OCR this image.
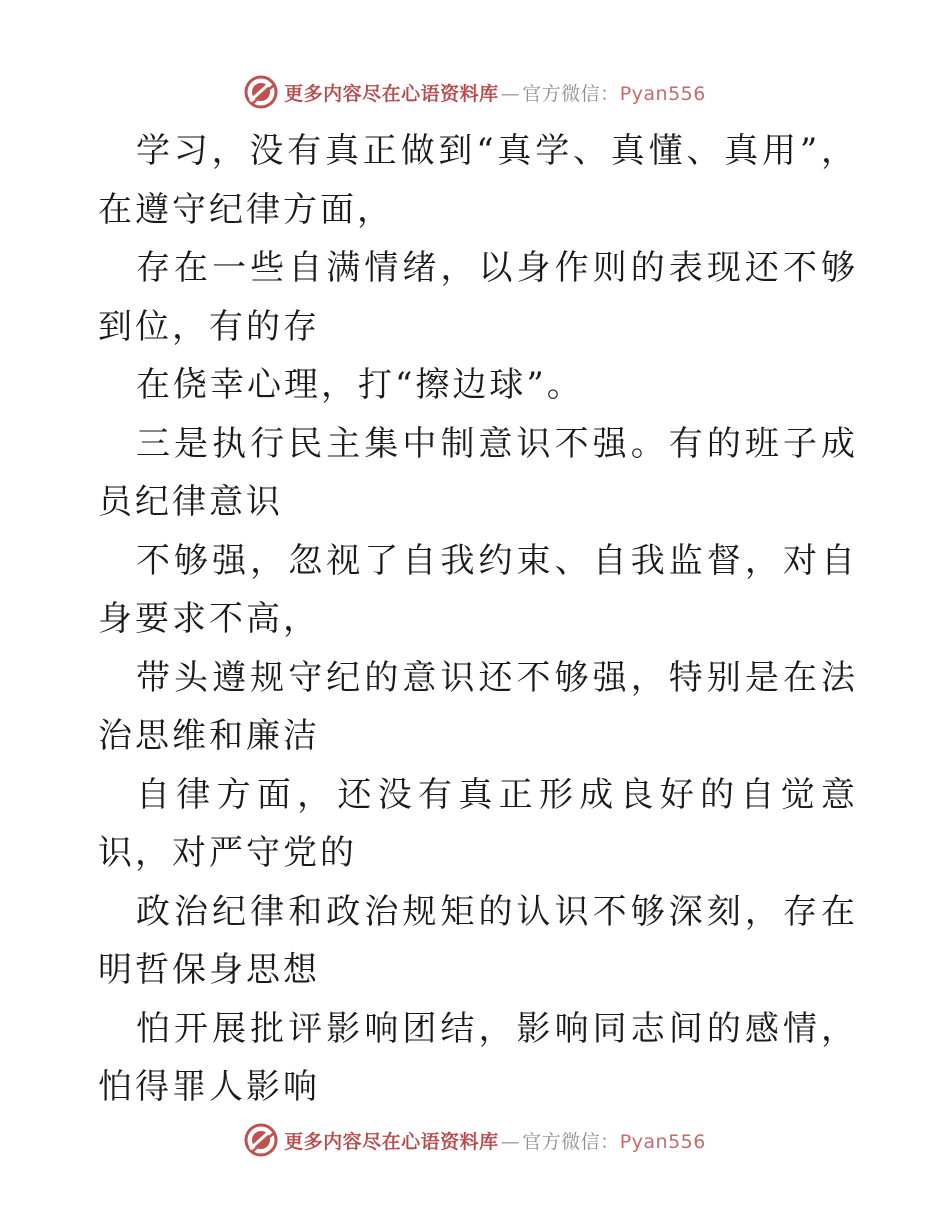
更多内容尽在心语资料库 — 官方微信：Pyan556

学习，没有真正做到“真学、真懂、真用”，在遵守纪律方面，

存在一些自满情绪，以身作则的表现还不够到位，有的存

在侥幸心理，打“擦边球”。

三是执行民主集中制意识不强。有的班子成员纪律意识

不够强，忽视了自我约束、自我监督，对自身要求不高，

带头遵规守纪的意识还不够强，特别是在法治思维和廉洁

自律方面，还没有真正形成良好的自觉意识，对严守党的

政治纪律和政治规矩的认识不够深刻，存在明哲保身思想

怕开展批评影响团结，影响同志间的感情，怕得罪人影响

更多内容尽在心语资料库 — 官方微信：Pyan556
